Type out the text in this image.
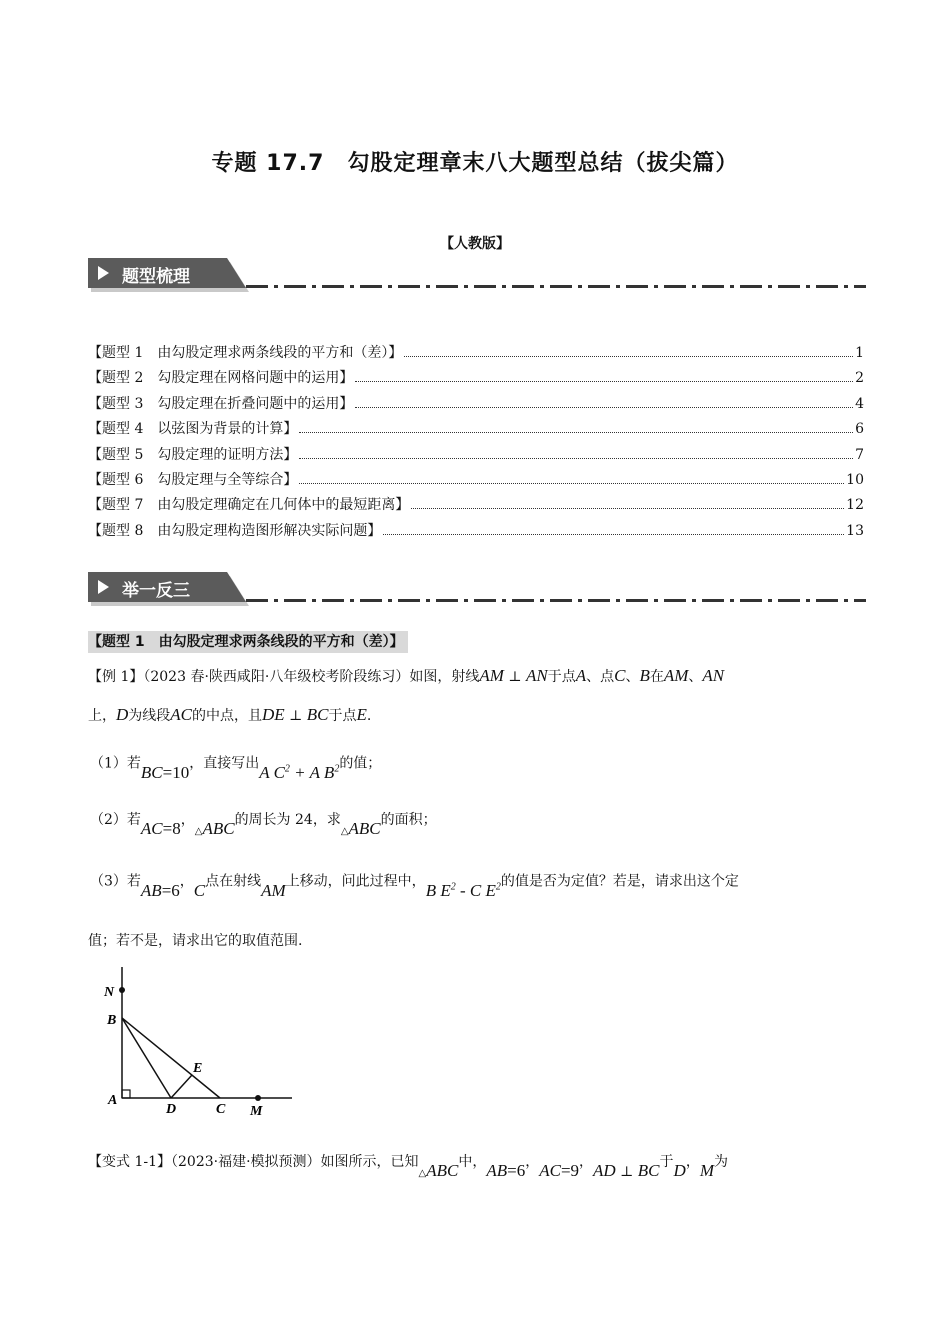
专题 17.7　勾股定理章末八大题型总结（拔尖篇）
【人教版】
题型梳理
【题型 1　由勾股定理求两条线段的平方和（差）】	1
【题型 2　勾股定理在网格问题中的运用】	2
【题型 3　勾股定理在折叠问题中的运用】	4
【题型 4　以弦图为背景的计算】	6
【题型 5　勾股定理的证明方法】	7
【题型 6　勾股定理与全等综合】	10
【题型 7　由勾股定理确定在几何体中的最短距离】	12
【题型 8　由勾股定理构造图形解决实际问题】	13
举一反三
【题型 1　由勾股定理求两条线段的平方和（差）】
【例 1】（2023 春·陕西咸阳·八年级校考阶段练习）如图，射线AM ⊥ AN于点A、点C、B在AM、AN
上，D为线段AC的中点，且DE ⊥ BC于点E.
（1）若BC=10，直接写出A $C^2 + A$ $B^2$的值；
（2）若AC=8，$_\triangle$ABC的周长为 24，求$_\triangle$ABC的面积；
（3）若AB=6，C点在射线AM上移动，问此过程中，B $E^2$ - C $E^2$的值是否为定值？若是，请求出这个定
值；若不是，请求出它的取值范围.
N
B
E
A
D	C M
【变式 1-1】（2023·福建·模拟预测）如图所示，已知$_\triangle$ABC中，AB=6，AC=9，AD ⊥ BC于D，M为
